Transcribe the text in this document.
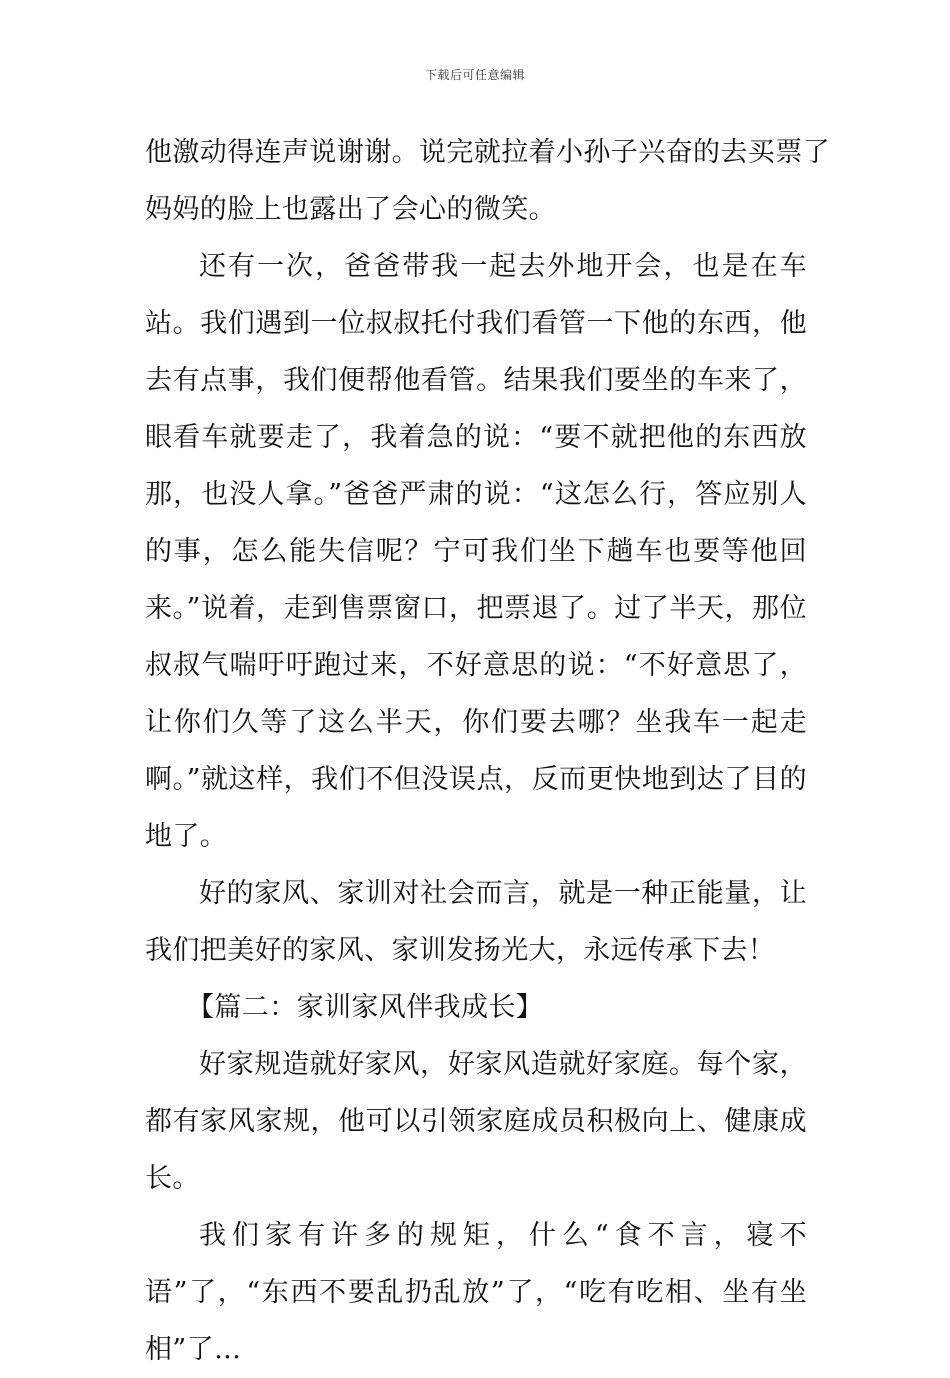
下载后可任意编辑

他激动得连声说谢谢。说完就拉着小孙子兴奋的去买票了
妈妈的脸上也露出了会心的微笑。

还有一次，爸爸带我一起去外地开会，也是在车站。我们遇到一位叔叔托付我们看管一下他的东西，他去有点事，我们便帮他看管。结果我们要坐的车来了，眼看车就要走了，我着急的说：“要不就把他的东西放那，也没人拿。”爸爸严肃的说：“这怎么行，答应别人的事，怎么能失信呢？宁可我们坐下趟车也要等他回来。”说着，走到售票窗口，把票退了。过了半天，那位叔叔气喘吁吁跑过来，不好意思的说：“不好意思了，让你们久等了这么半天，你们要去哪？坐我车一起走啊。”就这样，我们不但没误点，反而更快地到达了目的地了。

好的家风、家训对社会而言，就是一种正能量，让我们把美好的家风、家训发扬光大，永远传承下去！

【篇二：家训家风伴我成长】

好家规造就好家风，好家风造就好家庭。每个家，都有家风家规，他可以引领家庭成员积极向上、健康成长。

我们家有许多的规矩，什么“食不言，寝不语”了，“东西不要乱扔乱放”了，“吃有吃相、坐有坐相”了…
